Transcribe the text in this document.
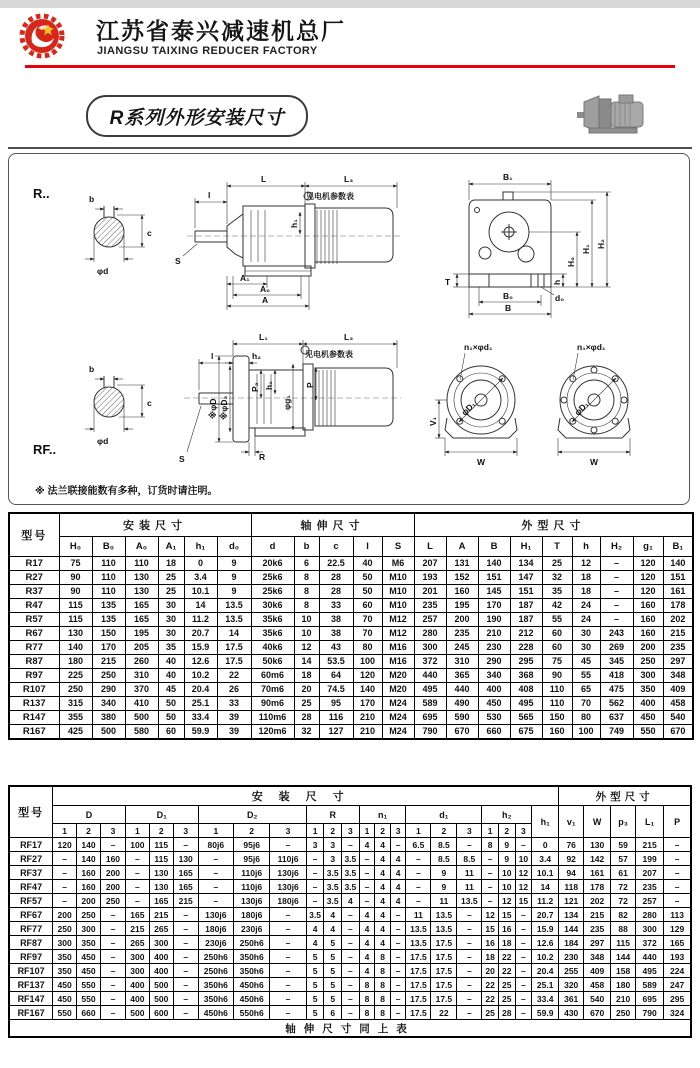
江苏省泰兴减速机总厂
JIANGSU TAIXING REDUCER FACTORY
R系列外形安装尺寸
R..	b
c
φd
L	L₃
见电机参数表
l
h₁
S
A₁
A₀
A
B₁
h
H₀
H₁
H₂
T
d₀
B₀
B
RF..
b
c
φd
L₁	L₃
见电机参数表
l	h₂
※φD ※φD₂
P₃ h₁
φg₁
P
S	R
n₁×φd₁
φD₁
V₁
W
n₁×φd₁
φD₁
W
※ 法兰联接能数有多种，订货时请注明。
型号	安装尺寸						轴伸尺寸					外型尺寸								
	H₀	B₀	A₀	A₁	h₁	d₀	d	b	c	l	S	L	A	B	H₁	T	h	H₂	g₁	B₁
R17	75	110	110	18	0	9	20k6	6	22.5	40	M6	207	131	140	134	25	12	–	120	140
R27	90	110	130	25	3.4	9	25k6	8	28	50	M10	193	152	151	147	32	18	–	120	151
R37	90	110	130	25	10.1	9	25k6	8	28	50	M10	201	160	145	151	35	18	–	120	161
R47	115	135	165	30	14	13.5	30k6	8	33	60	M10	235	195	170	187	42	24	–	160	178
R57	115	135	165	30	11.2	13.5	35k6	10	38	70	M12	257	200	190	187	55	24	–	160	202
R67	130	150	195	30	20.7	14	35k6	10	38	70	M12	280	235	210	212	60	30	243	160	215
R77	140	170	205	35	15.9	17.5	40k6	12	43	80	M16	300	245	230	228	60	30	269	200	235
R87	180	215	260	40	12.6	17.5	50k6	14	53.5	100	M16	372	310	290	295	75	45	345	250	297
R97	225	250	310	40	10.2	22	60m6	18	64	120	M20	440	365	340	368	90	55	418	300	348
R107	250	290	370	45	20.4	26	70m6	20	74.5	140	M20	495	440	400	408	110	65	475	350	409
R137	315	340	410	50	25.1	33	90m6	25	95	170	M24	589	490	450	495	110	70	562	400	458
R147	355	380	500	50	33.4	39	110m6	28	116	210	M24	695	590	530	565	150	80	637	450	540
R167	425	500	580	60	59.9	39	120m6	32	127	210	M24	790	670	660	675	160	100	749	550	670
型号	安装尺寸																						外型尺寸				
	D			D₁			D₂			R			n₁			d₁			h₂			h₁	v₁	W	p₃	L₁	P
	1	2	3	1	2	3	1	2	3	1	2	3	1	2	3	1	2	3	1	2	3						
RF17	120	140	–	100	115	–	80j6	95j6	–	3	3	–	4	4	–	6.5	8.5	–	8	9	–	0	76	130	59	215	–
RF27	–	140	160	–	115	130	–	95j6	110j6	–	3	3.5	–	4	4	–	8.5	8.5	–	9	10	3.4	92	142	57	199	–
RF37	–	160	200	–	130	165	–	110j6	130j6	–	3.5	3.5	–	4	4	–	9	11	–	10	12	10.1	94	161	61	207	–
RF47	–	160	200	–	130	165	–	110j6	130j6	–	3.5	3.5	–	4	4	–	9	11	–	10	12	14	118	178	72	235	–
RF57	–	200	250	–	165	215	–	130j6	180j6	–	3.5	4	–	4	4	–	11	13.5	–	12	15	11.2	121	202	72	257	–
RF67	200	250	–	165	215	–	130j6	180j6	–	3.5	4	–	4	4	–	11	13.5	–	12	15	–	20.7	134	215	82	280	113
RF77	250	300	–	215	265	–	180j6	230j6	–	4	4	–	4	4	–	13.5	13.5	–	15	16	–	15.9	144	235	88	300	129
RF87	300	350	–	265	300	–	230j6	250h6	–	4	5	–	4	4	–	13.5	17.5	–	16	18	–	12.6	184	297	115	372	165
RF97	350	450	–	300	400	–	250h6	350h6	–	5	5	–	4	8	–	17.5	17.5	–	18	22	–	10.2	230	348	144	440	193
RF107	350	450	–	300	400	–	250h6	350h6	–	5	5	–	4	8	–	17.5	17.5	–	20	22	–	20.4	255	409	158	495	224
RF137	450	550	–	400	500	–	350h6	450h6	–	5	5	–	8	8	–	17.5	17.5	–	22	25	–	25.1	320	458	180	589	247
RF147	450	550	–	400	500	–	350h6	450h6	–	5	5	–	8	8	–	17.5	17.5	–	22	25	–	33.4	361	540	210	695	295
RF167	550	660	–	500	600	–	450h6	550h6	–	5	6	–	8	8	–	17.5	22	–	25	28	–	59.9	430	670	250	790	324
轴伸尺寸同上表																											
